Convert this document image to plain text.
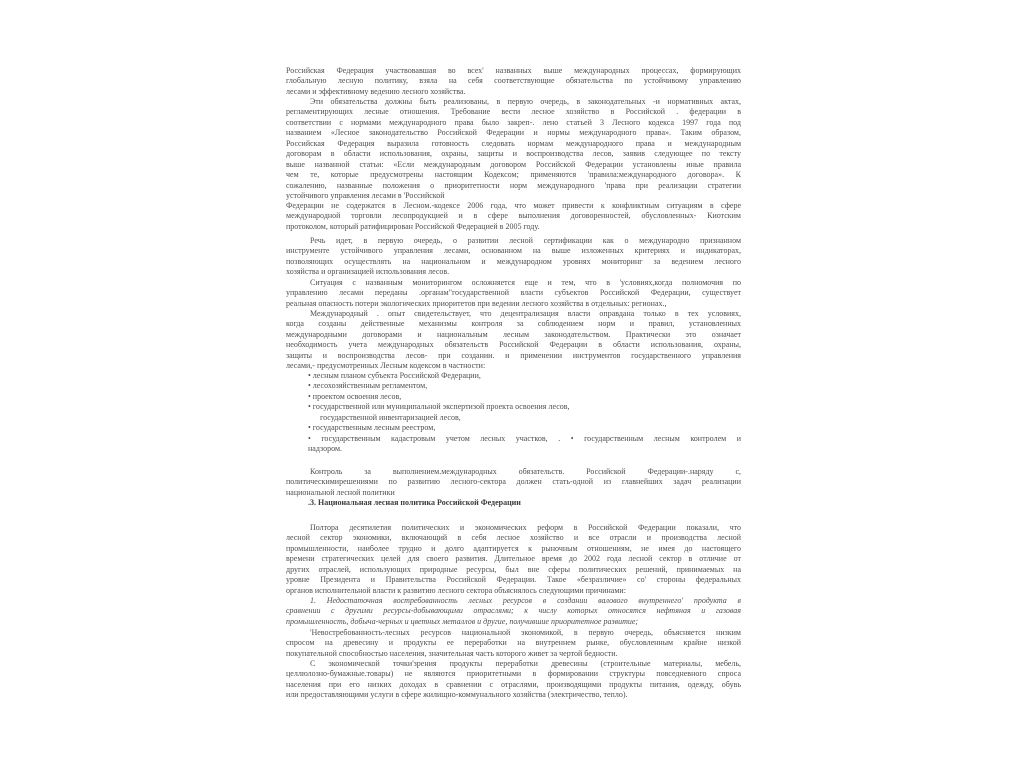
Российская Федерация участвовавшая во всех' названных выше международных процессах, формирующих
глобальную лесную политику, взяла на себя соответствующие обязательства по устойчивому управлению
лесами и эффективному ведению лесного хозяйства.
Эти обязательства должны быть реализованы, в первую очередь, в законодательных -и нормативных актах,
регламентирующих лесные отношения. Требование вести лесное хозяйство в Российской . федерации в
соответствии с нормами международного права было закреп-. лено статьей 3 Лесного кодекса 1997 года под
названием «Лесное законодательство Российской Федерации и нормы международного права». Таким образом,
Российская Федерация выразила готовность следовать нормам международного права и международным
договорам в области использования, охраны, защиты и воспроизводства лесов, заявив следующее по тексту
выше названной статьи: «Если международным договором Российской Федерации установлены иные правила
чем те, которые предусмотрены настоящим Кодексом; применяются 'правила:международного договора». К
сожалению, названные положения о приоритетности норм международного 'права при реализации стратегии
устойчивого управления лесами в 'Российской
Федерации не содержатся в Лесном.-кодексе 2006 года, что может привести к конфликтным ситуациям в сфере
международной торговли лесопродукцией и в сфере выполнения договоренностей, обусловленных- Киотским
протоколом, который ратифицирован Российской Федерацией в 2005 году.
Речь идет, в первую очередь, о развитии лесной сертификации как о международно признанном
инструменте устойчивого управления лесами, основанном на выше изложенных критериях и индикаторах,
позволяющих осуществлять на национальном и международном уровнях мониторинг за ведением лесного
хозяйства и организацией использования лесов.
Ситуация с названным мониторингом осложняется еще и тем, что в 'условиях,когда полномочия по
управлению лесами переданы .органам"государственной власти субъектов Российской Федерации, существует
реальная опасность потери экологических приоритетов при ведении лесного хозяйства в отдельных: регионах.,
Международный . опыт свидетельствует, что децентрализация власти оправдана только в тех условиях,
когда созданы действенные механизмы контроля за соблюдением норм и правил, установленных
международными договорами и национальным лесным законодательством. Практически это означает
необходимость учета международных обязательств Российской Федерации в области использования, охраны,
защиты и воспроизводства лесов- при создании. и применении инструментов государственного управления
лесами,- предусмотренных Лесным кодексом в частности:
• лесным планом субъекта Российской Федерации,
• лесохозяйственным регламентом,
• проектом освоения лесов,
• государственной или муниципальной экспертизой проекта освоения лесов,
государственной инвентаризацией лесов,
• государственным лесным реестром,
• государственным кадастровым учетом лесных участков, . • государственным лесным контролем и
надзором.
Контроль за выполнением.международных обязательств. Российской Федерации-.наряду с,
политическимирешениями по развитию лесного-сектора должен стать-одной из главнейших задач реализации
национальной лесной политики
.3. Национальная лесная политика Российской Федерации
Полтора десятилетия политических и экономических реформ в Российской Федерации показали, что
лесной сектор экономики, включающий в себя лесное хозяйство и все отрасли и производства лесной
промышленности, наиболее трудно и долго адаптируется к рыночным отношениям, не имея до настоящего
времени стратегических целей для своего развития. Длительное время до 2002 года лесной сектор в отличие от
других отраслей, использующих природные ресурсы, был вне сферы политических решений, принимаемых на
уровне Президента и Правительства Российской Федерации. Такое «безразличие» со' стороны федеральных
органов исполнительной власти к развитию лесного сектора объяснялось следующими причинами:
1. Недостаточная востребованность лесных ресурсов в создании валового внутреннего' продукта в
сравнении с другими ресурсы-добывающими отраслями; к числу которых относятся нефтяная и газовая
промышленность, добыча-черных и цветных металлов и другие, получившие приоритетное развитие;
'Невостребованность-лесных ресурсов национальной экономикой, в первую очередь, объясняется низким
спросом на древесину и продукты ее переработки на внутреннем рынке, обусловленным крайне низкой
покупательной способностью населения, значительная часть которого живет за чертой бедности.
С экономической точки'зрения продукты переработки древесины (строительные материалы, мебель,
целлюлозно-бумажные.товары) не являются приоритетными в формировании структуры повседневного спроса
населения при его низких доходах в сравнении с отраслями, производящими продукты питания, одежду, обувь
или предоставляющими услуги в сфере жилищно-коммунального хозяйства (электричество, тепло).
